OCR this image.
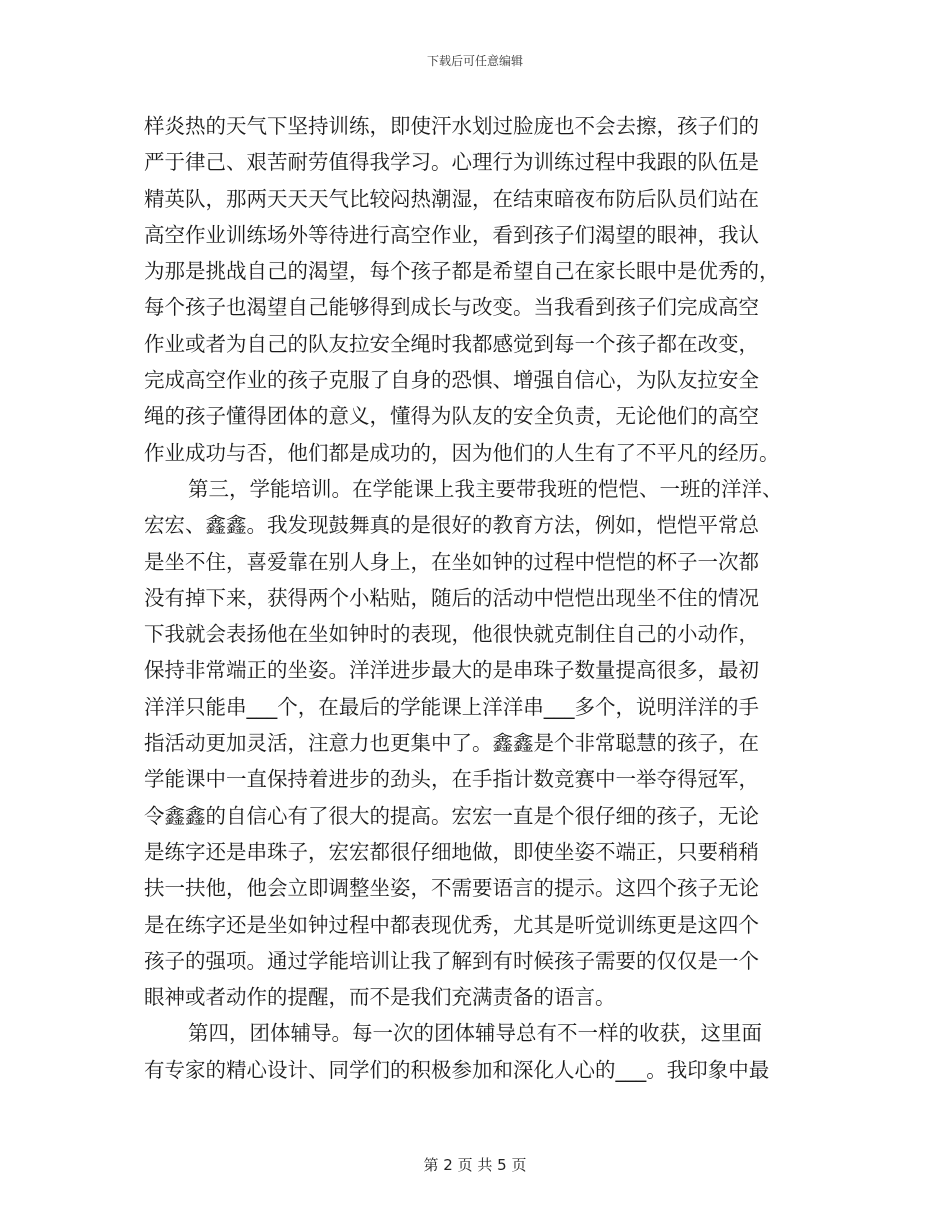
下载后可任意编辑
样炎热的天气下坚持训练，即使汗水划过脸庞也不会去擦，孩子们的
严于律己、艰苦耐劳值得我学习。心理行为训练过程中我跟的队伍是
精英队，那两天天天气比较闷热潮湿，在结束暗夜布防后队员们站在
高空作业训练场外等待进行高空作业，看到孩子们渴望的眼神，我认
为那是挑战自己的渴望，每个孩子都是希望自己在家长眼中是优秀的，
每个孩子也渴望自己能够得到成长与改变。当我看到孩子们完成高空
作业或者为自己的队友拉安全绳时我都感觉到每一个孩子都在改变，
完成高空作业的孩子克服了自身的恐惧、增强自信心，为队友拉安全
绳的孩子懂得团体的意义，懂得为队友的安全负责，无论他们的高空
作业成功与否，他们都是成功的，因为他们的人生有了不平凡的经历。
第三，学能培训。在学能课上我主要带我班的恺恺、一班的洋洋、
宏宏、鑫鑫。我发现鼓舞真的是很好的教育方法，例如，恺恺平常总
是坐不住，喜爱靠在别人身上，在坐如钟的过程中恺恺的杯子一次都
没有掉下来，获得两个小粘贴，随后的活动中恺恺出现坐不住的情况
下我就会表扬他在坐如钟时的表现，他很快就克制住自己的小动作，
保持非常端正的坐姿。洋洋进步最大的是串珠子数量提高很多，最初
洋洋只能串___个，在最后的学能课上洋洋串___多个，说明洋洋的手
指活动更加灵活，注意力也更集中了。鑫鑫是个非常聪慧的孩子，在
学能课中一直保持着进步的劲头，在手指计数竞赛中一举夺得冠军，
令鑫鑫的自信心有了很大的提高。宏宏一直是个很仔细的孩子，无论
是练字还是串珠子，宏宏都很仔细地做，即使坐姿不端正，只要稍稍
扶一扶他，他会立即调整坐姿，不需要语言的提示。这四个孩子无论
是在练字还是坐如钟过程中都表现优秀，尤其是听觉训练更是这四个
孩子的强项。通过学能培训让我了解到有时候孩子需要的仅仅是一个
眼神或者动作的提醒，而不是我们充满责备的语言。
第四，团体辅导。每一次的团体辅导总有不一样的收获，这里面
有专家的精心设计、同学们的积极参加和深化人心的___。我印象中最
第 2 页 共 5 页
